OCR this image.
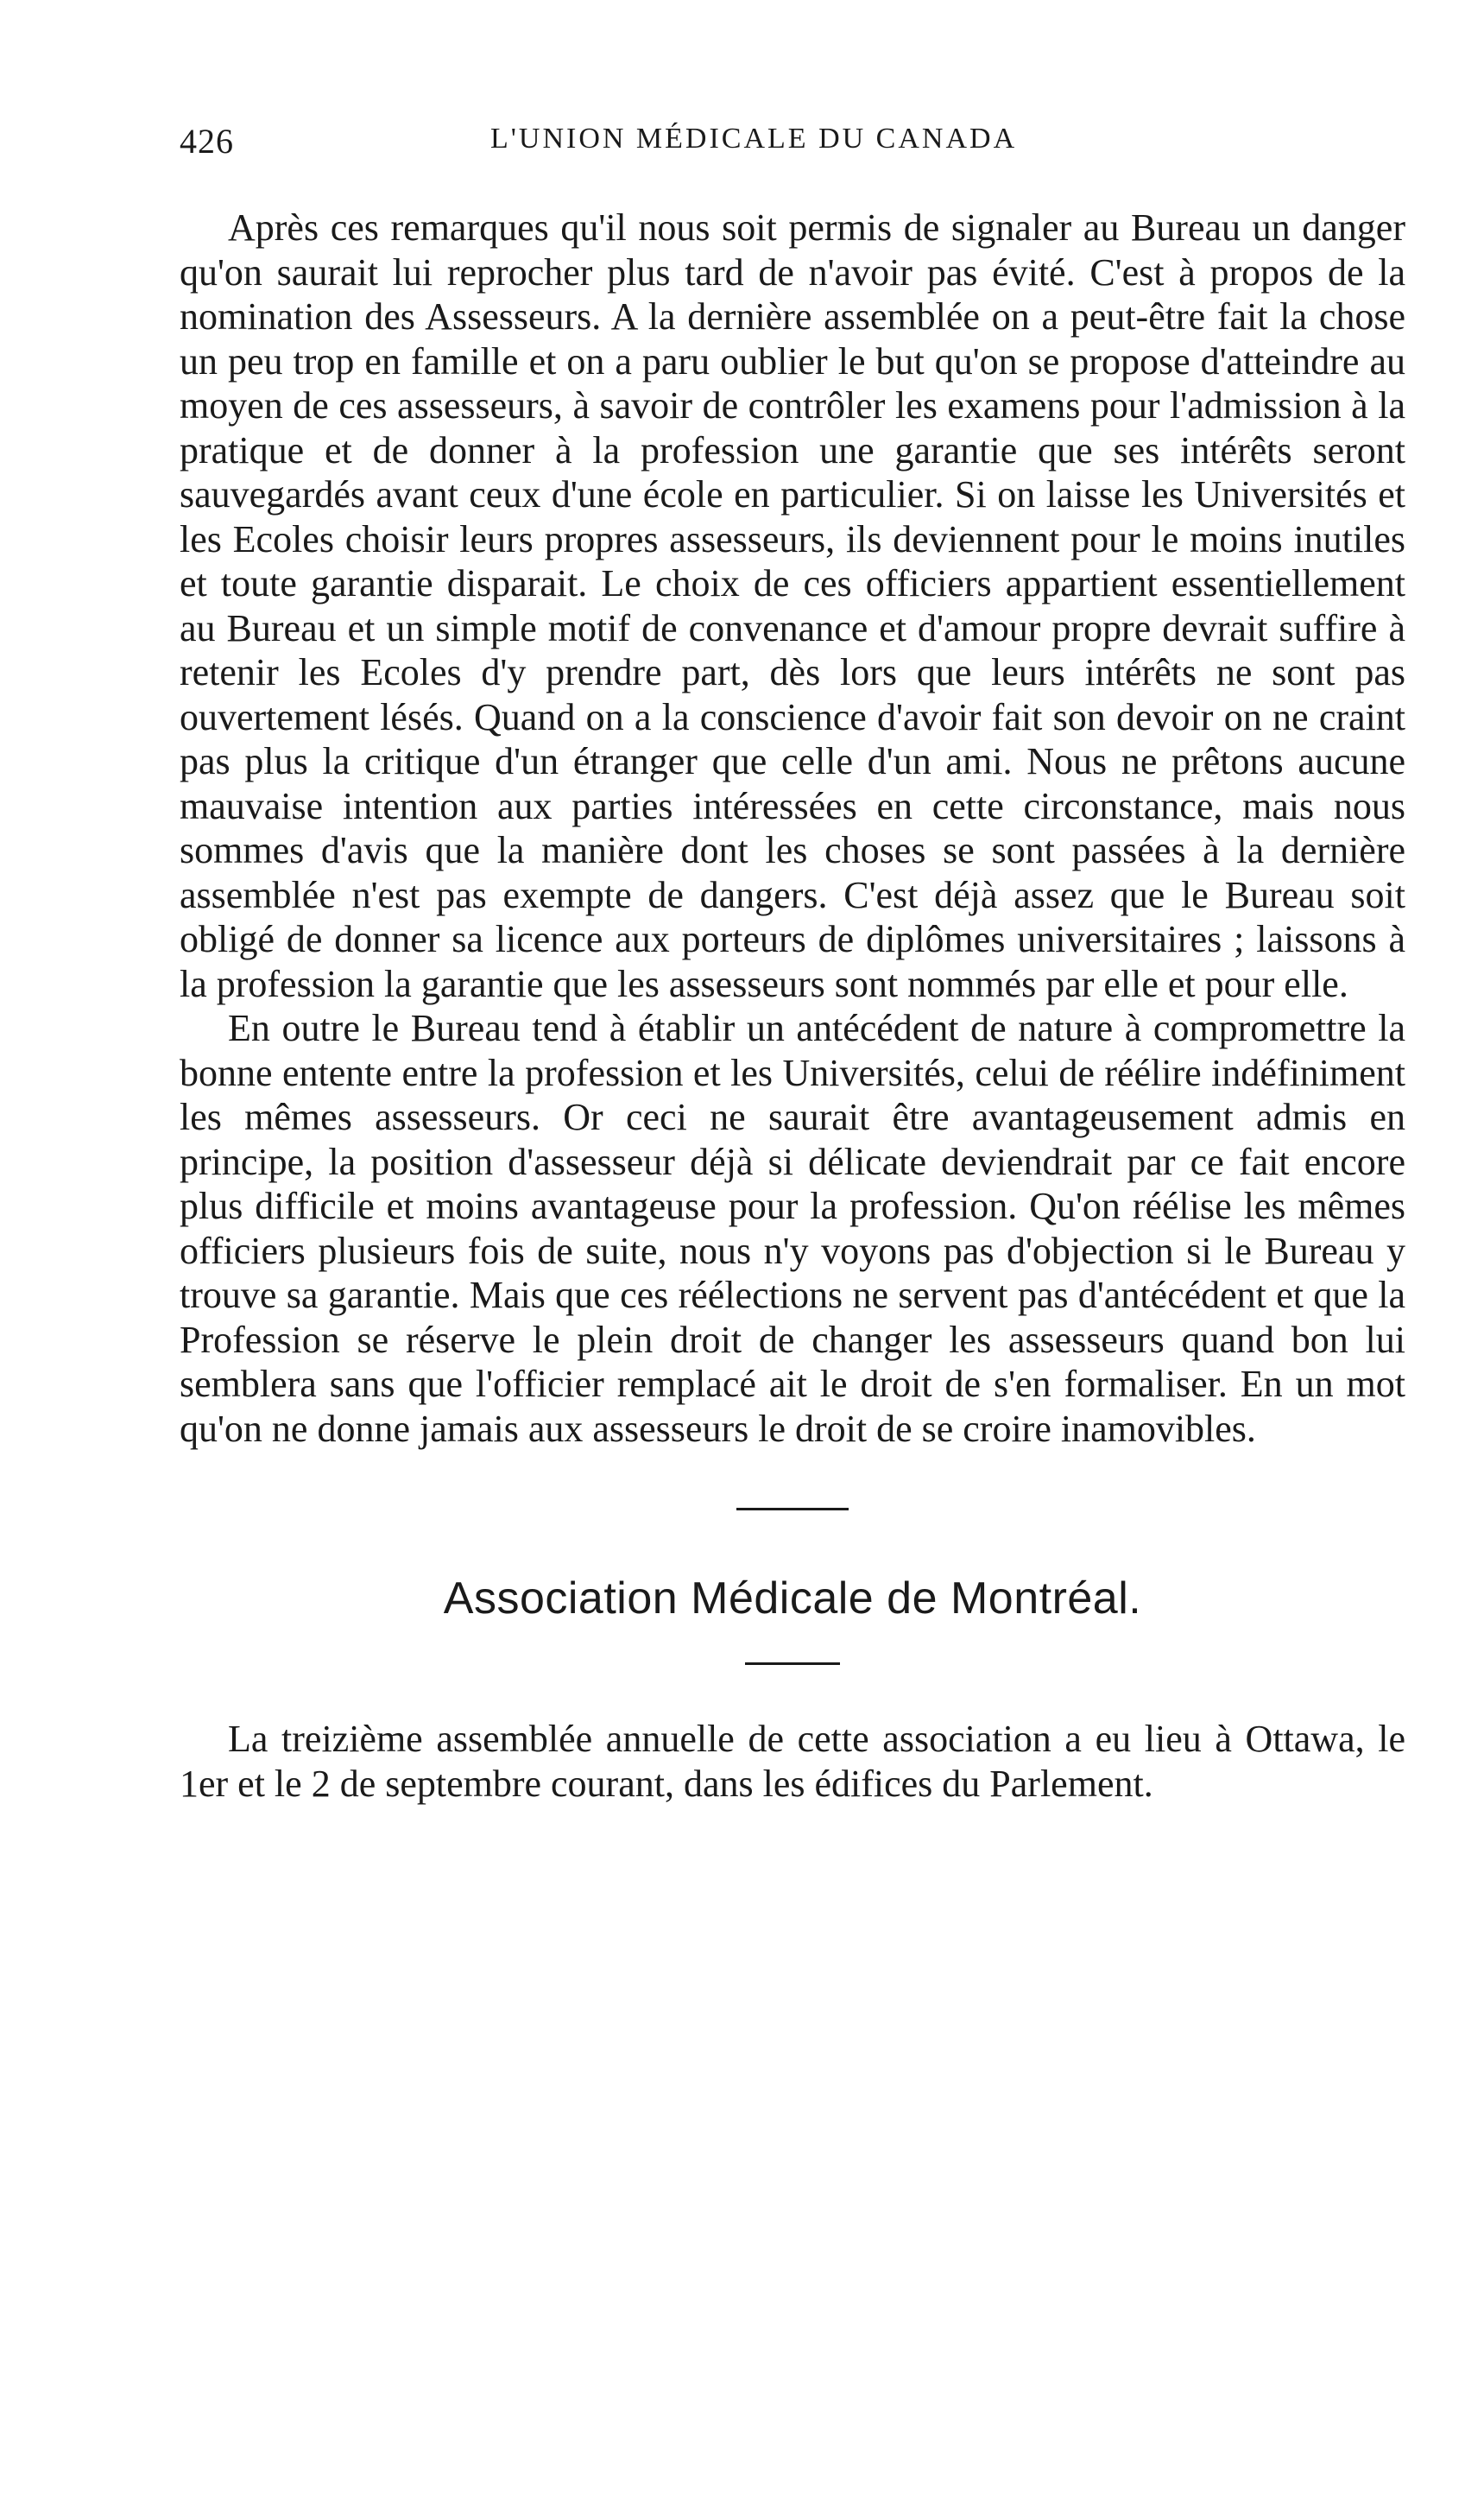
426	L'UNION MÉDICALE DU CANADA

Après ces remarques qu'il nous soit permis de signaler au Bureau un danger qu'on saurait lui reprocher plus tard de n'avoir pas évité. C'est à propos de la nomination des Assesseurs. A la dernière assemblée on a peut-être fait la chose un peu trop en famille et on a paru oublier le but qu'on se propose d'atteindre au moyen de ces assesseurs, à savoir de contrôler les examens pour l'admission à la pratique et de donner à la profession une garantie que ses intérêts seront sauvegardés avant ceux d'une école en particulier. Si on laisse les Universités et les Ecoles choisir leurs propres assesseurs, ils deviennent pour le moins inutiles et toute garantie disparait. Le choix de ces officiers appartient essentiellement au Bureau et un simple motif de convenance et d'amour propre devrait suffire à retenir les Ecoles d'y prendre part, dès lors que leurs intérêts ne sont pas ouvertement lésés. Quand on a la conscience d'avoir fait son devoir on ne craint pas plus la critique d'un étranger que celle d'un ami. Nous ne prêtons aucune mauvaise intention aux parties intéressées en cette circonstance, mais nous sommes d'avis que la manière dont les choses se sont passées à la dernière assemblée n'est pas exempte de dangers. C'est déjà assez que le Bureau soit obligé de donner sa licence aux porteurs de diplômes universitaires ; laissons à la profession la garantie que les assesseurs sont nommés par elle et pour elle.

En outre le Bureau tend à établir un antécédent de nature à compromettre la bonne entente entre la profession et les Universités, celui de réélire indéfiniment les mêmes assesseurs. Or ceci ne saurait être avantageusement admis en principe, la position d'assesseur déjà si délicate deviendrait par ce fait encore plus difficile et moins avantageuse pour la profession. Qu'on réélise les mêmes officiers plusieurs fois de suite, nous n'y voyons pas d'objection si le Bureau y trouve sa garantie. Mais que ces réélections ne servent pas d'antécédent et que la Profession se réserve le plein droit de changer les assesseurs quand bon lui semblera sans que l'officier remplacé ait le droit de s'en formaliser. En un mot qu'on ne donne jamais aux assesseurs le droit de se croire inamovibles.

Association Médicale de Montréal.

La treizième assemblée annuelle de cette association a eu lieu à Ottawa, le 1er et le 2 de septembre courant, dans les édifices du Parlement.
